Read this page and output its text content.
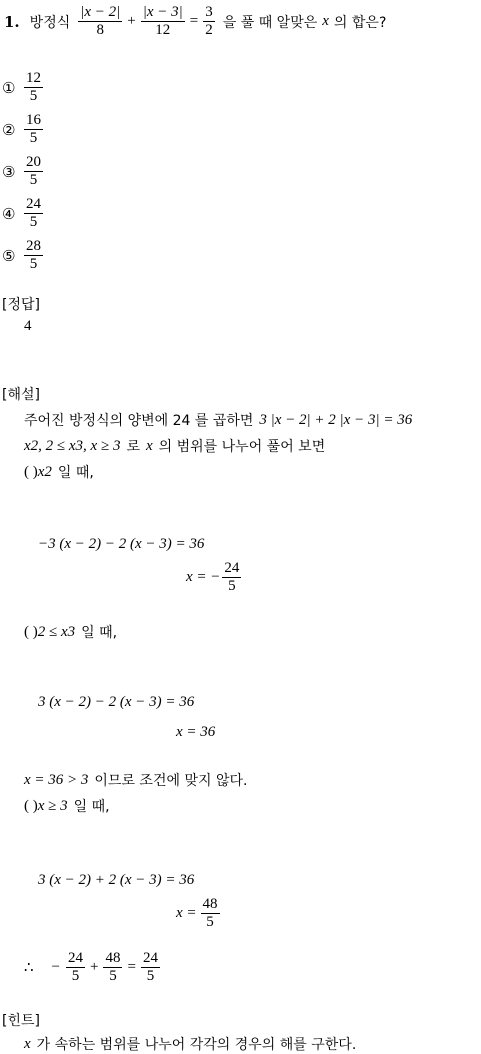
1. 방정식 $\frac{|x - 2|}{8} + \frac{|x - 3|}{12} = \frac{3}{2}$ 을 풀 때 알맞은 x 의 합은?
① $\frac{12}{5}$
② $\frac{16}{5}$
③ $\frac{20}{5}$
④ $\frac{24}{5}$
⑤ $\frac{28}{5}$
[정답]
4
[해설]
주어진 방정식의 양변에 24 를 곱하면 3 |x − 2| + 2 |x − 3| = 36
x2, 2 ≤ x3, x ≥ 3 로 x 의 범위를 나누어 풀어 보면
( ) x2 일 때,
−3 (x − 2) − 2 (x − 3) = 36
x = − $\frac{24}{5}$
( ) 2 ≤ x3 일 때,
3 (x − 2) − 2 (x − 3) = 36
x = 36
x = 36 > 3 이므로 조건에 맞지 않다.
( ) x ≥ 3 일 때,
3 (x − 2) + 2 (x − 3) = 36
$x = \frac{48}{5}$
∴ − $\frac{24}{5} + \frac{48}{5} = \frac{24}{5}$
[힌트]
x 가 속하는 범위를 나누어 각각의 경우의 해를 구한다.
